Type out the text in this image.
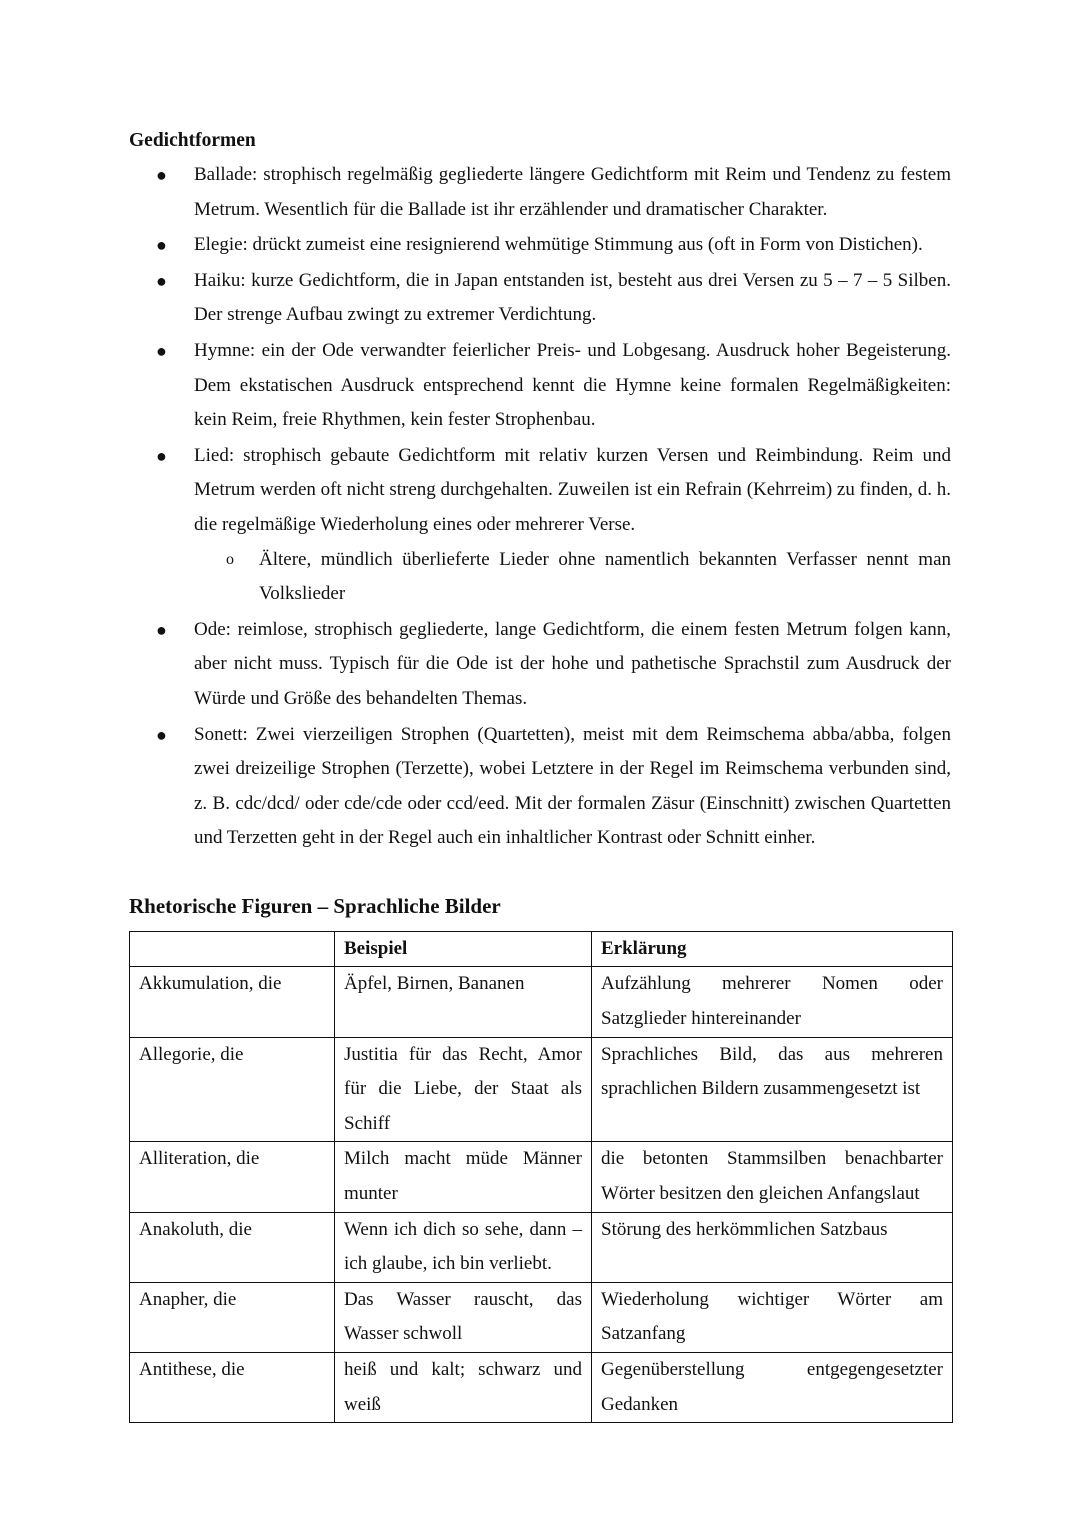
Gedichtformen
● Ballade: strophisch regelmäßig gegliederte längere Gedichtform mit Reim und Tendenz zu festem Metrum. Wesentlich für die Ballade ist ihr erzählender und dramatischer Charakter.
● Elegie: drückt zumeist eine resignierend wehmütige Stimmung aus (oft in Form von Distichen).
● Haiku: kurze Gedichtform, die in Japan entstanden ist, besteht aus drei Versen zu 5 – 7 – 5 Silben. Der strenge Aufbau zwingt zu extremer Verdichtung.
● Hymne: ein der Ode verwandter feierlicher Preis- und Lobgesang. Ausdruck hoher Begeisterung. Dem ekstatischen Ausdruck entsprechend kennt die Hymne keine formalen Regelmäßigkeiten: kein Reim, freie Rhythmen, kein fester Strophenbau.
● Lied: strophisch gebaute Gedichtform mit relativ kurzen Versen und Reimbindung. Reim und Metrum werden oft nicht streng durchgehalten. Zuweilen ist ein Refrain (Kehrreim) zu finden, d. h. die regelmäßige Wiederholung eines oder mehrerer Verse.
o Ältere, mündlich überlieferte Lieder ohne namentlich bekannten Verfasser nennt man Volkslieder
● Ode: reimlose, strophisch gegliederte, lange Gedichtform, die einem festen Metrum folgen kann, aber nicht muss. Typisch für die Ode ist der hohe und pathetische Sprachstil zum Ausdruck der Würde und Größe des behandelten Themas.
● Sonett: Zwei vierzeiligen Strophen (Quartetten), meist mit dem Reimschema abba/abba, folgen zwei dreizeilige Strophen (Terzette), wobei Letztere in der Regel im Reimschema verbunden sind, z. B. cdc/dcd/ oder cde/cde oder ccd/eed. Mit der formalen Zäsur (Einschnitt) zwischen Quartetten und Terzetten geht in der Regel auch ein inhaltlicher Kontrast oder Schnitt einher.
Rhetorische Figuren – Sprachliche Bilder
	Beispiel	Erklärung
Akkumulation, die	Äpfel, Birnen, Bananen	Aufzählung mehrerer Nomen oder Satzglieder hintereinander
Allegorie, die	Justitia für das Recht, Amor für die Liebe, der Staat als Schiff	Sprachliches Bild, das aus mehreren sprachlichen Bildern zusammengesetzt ist
Alliteration, die	Milch macht müde Männer munter	die betonten Stammsilben benachbarter Wörter besitzen den gleichen Anfangslaut
Anakoluth, die	Wenn ich dich so sehe, dann – ich glaube, ich bin verliebt.	Störung des herkömmlichen Satzbaus
Anapher, die	Das Wasser rauscht, das Wasser schwoll	Wiederholung wichtiger Wörter am Satzanfang
Antithese, die	heiß und kalt; schwarz und weiß	Gegenüberstellung entgegengesetzter Gedanken
